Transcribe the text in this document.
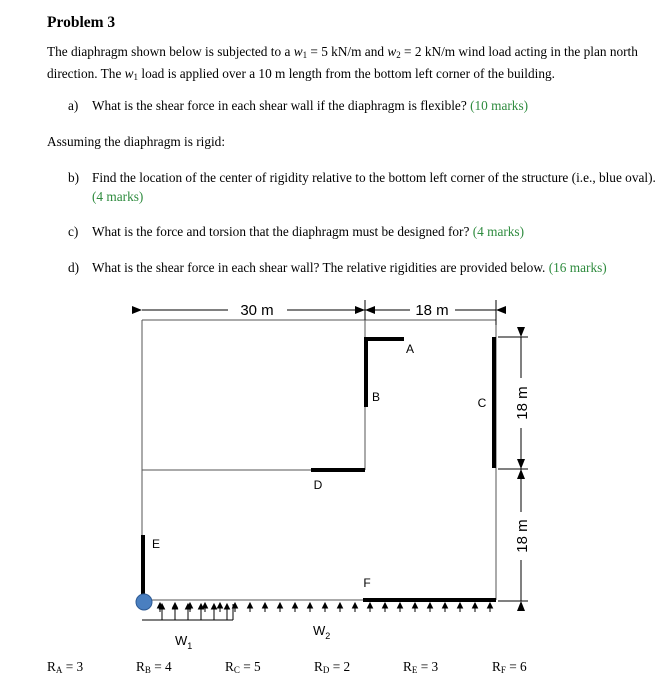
Problem 3
The diaphragm shown below is subjected to a $w_1 = 5$ kN/m and $w_2 = 2$ kN/m wind load acting in the plan north direction. The $w_1$ load is applied over a 10 m length from the bottom left corner of the building.
a) What is the shear force in each shear wall if the diaphragm is flexible? (10 marks)
Assuming the diaphragm is rigid:
b) Find the location of the center of rigidity relative to the bottom left corner of the structure (i.e., blue oval). (4 marks)
c) What is the force and torsion that the diaphragm must be designed for? (4 marks)
d) What is the shear force in each shear wall? The relative rigidities are provided below. (16 marks)
30 m	18 m
18 m
18 m
A
B	C
D
E
F
$W_1$
$W_2$
$R_A = 3$	$R_B = 4$	$R_C = 5$	$R_D = 2$	$R_E = 3$	$R_F = 6$
